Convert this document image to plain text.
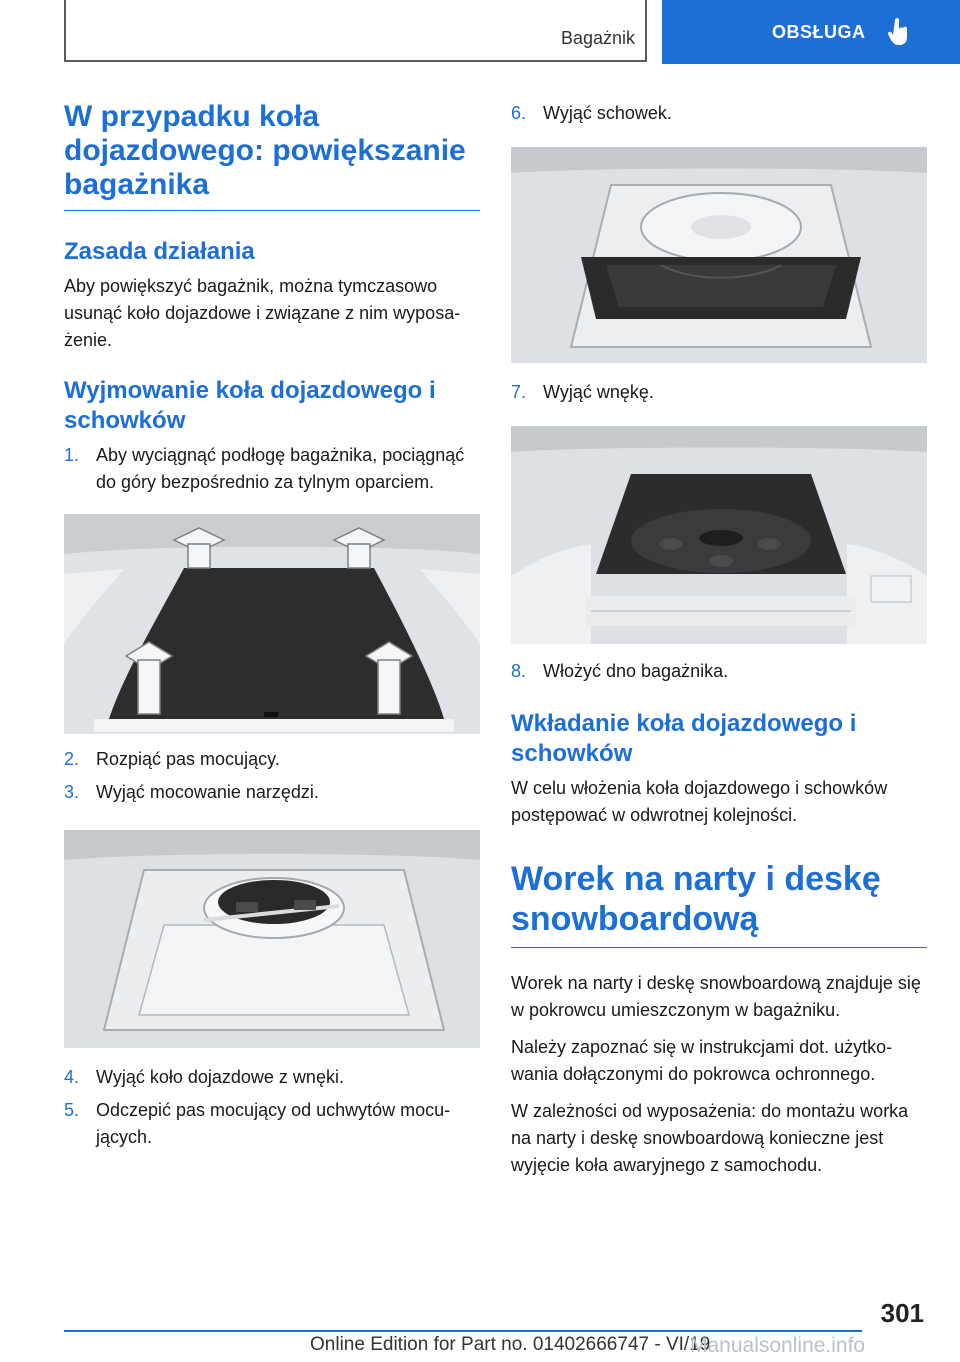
Bagażnik	OBSŁUGA
W przypadku koła dojazdowego: powiększanie bagażnika
Zasada działania

Aby powiększyć bagażnik, można tymczasowo usunąć koło dojazdowe i związane z nim wyposażenie.

Wyjmowanie koła dojazdowego i schowków
1. Aby wyciągnąć podłogę bagażnika, pociągnąć do góry bezpośrednio za tylnym oparciem.
2. Rozpiąć pas mocujący.
3. Wyjąć mocowanie narzędzi.
4. Wyjąć koło dojazdowe z wnęki.
5. Odczepić pas mocujący od uchwytów mocujących.
6. Wyjąć schowek.
7. Wyjąć wnękę.
8. Włożyć dno bagażnika.
Wkładanie koła dojazdowego i schowków

W celu włożenia koła dojazdowego i schowków postępować w odwrotnej kolejności.

Worek na narty i deskę snowboardową

Worek na narty i deskę snowboardową znajduje się w pokrowcu umieszczonym w bagażniku.

Należy zapoznać się w instrukcjami dot. użytkowania dołączonymi do pokrowca ochronnego.

W zależności od wyposażenia: do montażu worka na narty i deskę snowboardową konieczne jest wyjęcie koła awaryjnego z samochodu.

301
Online Edition for Part no. 01402666747 - VI/19
Manualsonline.info
